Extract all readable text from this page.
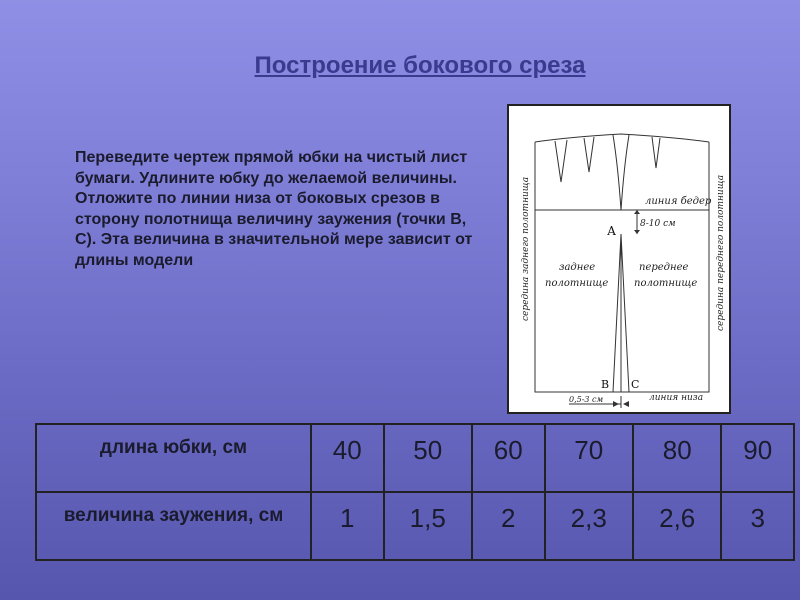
Построение бокового среза
Переведите чертеж прямой юбки на чистый лист бумаги. Удлините юбку до желаемой величины. Отложите по линии низа от боковых срезов в сторону полотнища величину заужения (точки В, С). Эта величина в значительной мере зависит от длины модели	середина заднего полотнища	середина переднего полотнища
линия бедер
8-10 см
А
заднее
полотнище
переднее
полотнище
В С
0,5-3 см	линия низа
длина юбки, см	40	50	60	70	80	90
величина заужения, см	1	1,5	2	2,3	2,6	3
